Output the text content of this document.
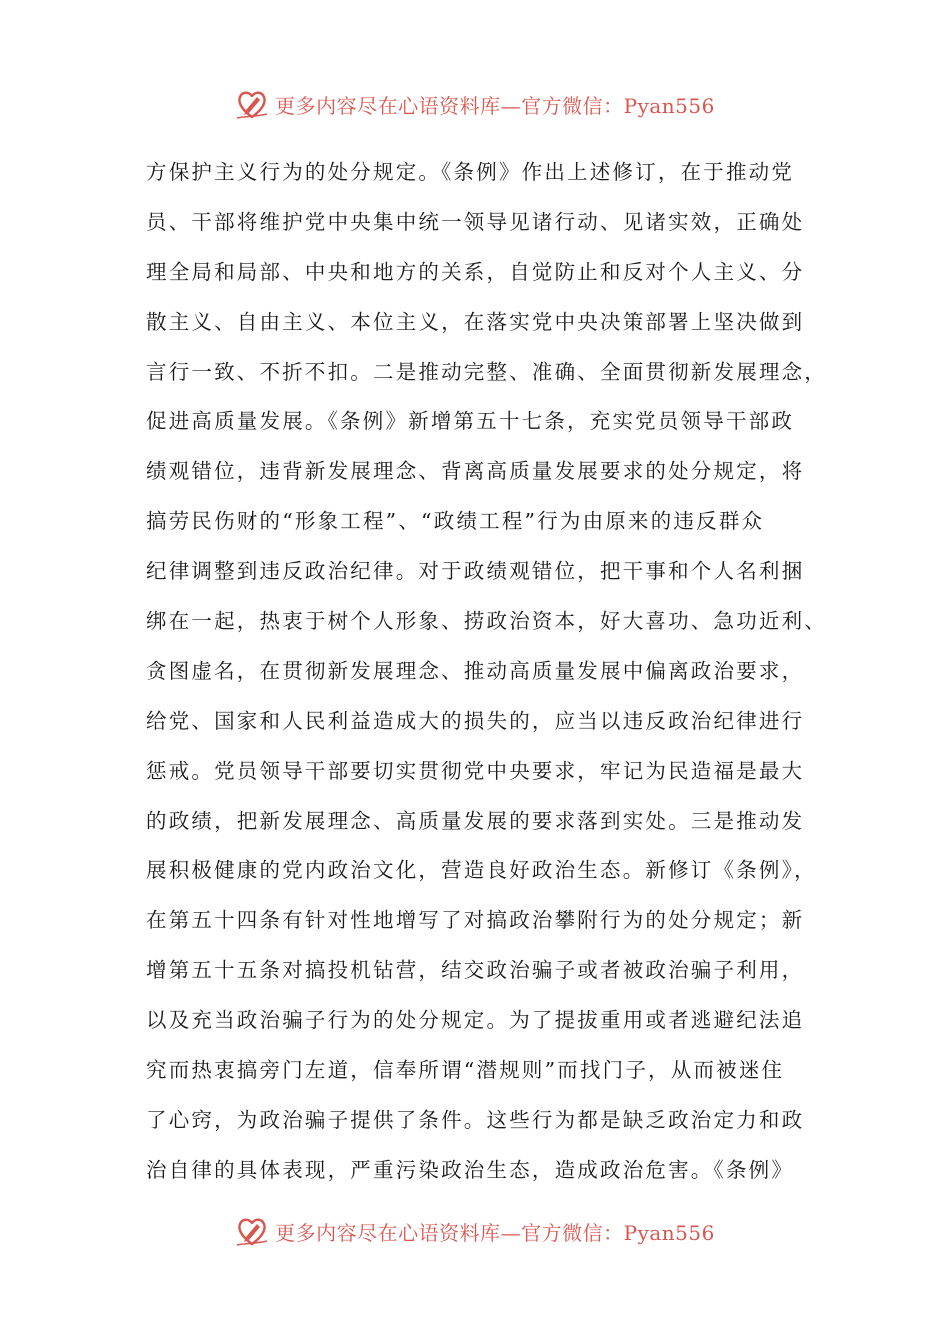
更多内容尽在心语资料库—官方微信：Pyan556
方保护主义行为的处分规定。《条例》作出上述修订，在于推动党
员、干部将维护党中央集中统一领导见诸行动、见诸实效，正确处
理全局和局部、中央和地方的关系，自觉防止和反对个人主义、分
散主义、自由主义、本位主义，在落实党中央决策部署上坚决做到
言行一致、不折不扣。二是推动完整、准确、全面贯彻新发展理念，
促进高质量发展。《条例》新增第五十七条，充实党员领导干部政
绩观错位，违背新发展理念、背离高质量发展要求的处分规定，将
搞劳民伤财的“形象工程”、“政绩工程”行为由原来的违反群众
纪律调整到违反政治纪律。对于政绩观错位，把干事和个人名利捆
绑在一起，热衷于树个人形象、捞政治资本，好大喜功、急功近利、
贪图虚名，在贯彻新发展理念、推动高质量发展中偏离政治要求，
给党、国家和人民利益造成大的损失的，应当以违反政治纪律进行
惩戒。党员领导干部要切实贯彻党中央要求，牢记为民造福是最大
的政绩，把新发展理念、高质量发展的要求落到实处。三是推动发
展积极健康的党内政治文化，营造良好政治生态。新修订《条例》，
在第五十四条有针对性地增写了对搞政治攀附行为的处分规定；新
增第五十五条对搞投机钻营，结交政治骗子或者被政治骗子利用，
以及充当政治骗子行为的处分规定。为了提拔重用或者逃避纪法追
究而热衷搞旁门左道，信奉所谓“潜规则”而找门子，从而被迷住
了心窍，为政治骗子提供了条件。这些行为都是缺乏政治定力和政
治自律的具体表现，严重污染政治生态，造成政治危害。《条例》
更多内容尽在心语资料库—官方微信：Pyan556
